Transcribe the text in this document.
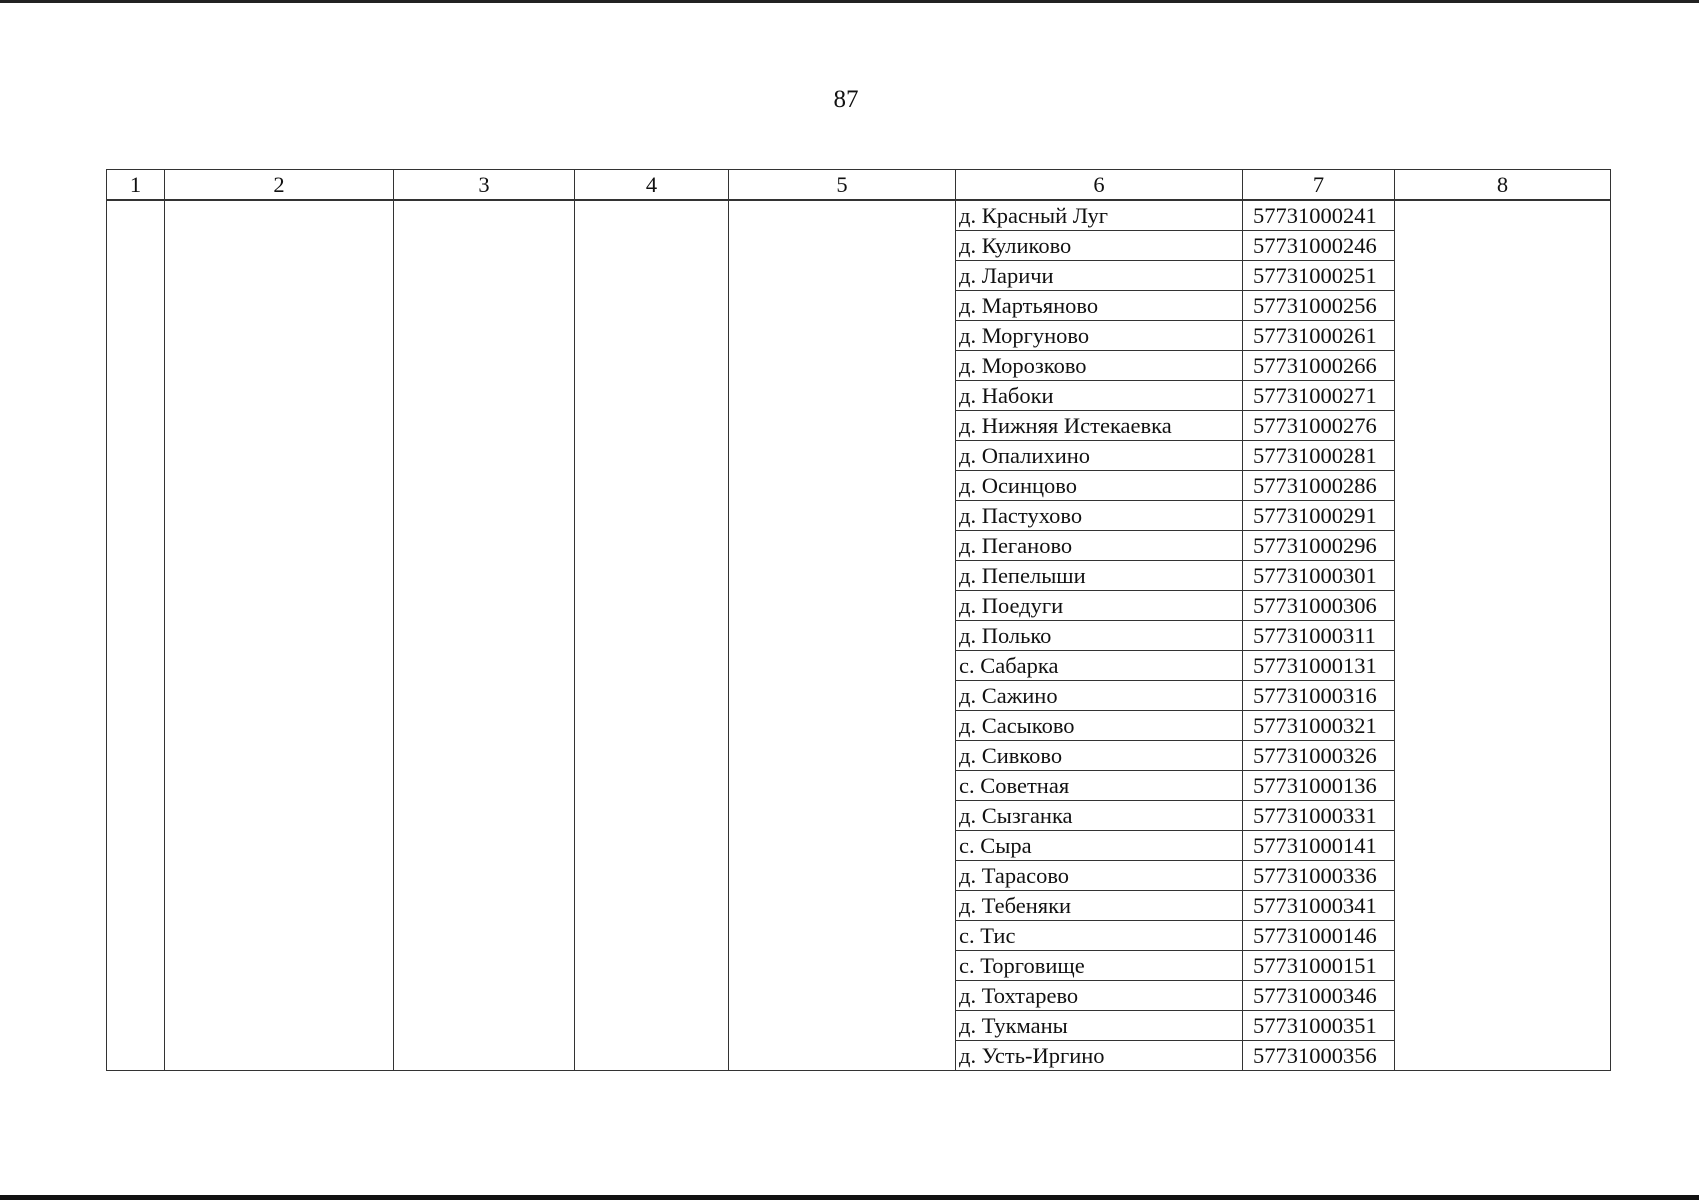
87
1	2	3	4	5	6	7	8
					д. Красный Луг	57731000241	
					д. Куликово	57731000246	
					д. Ларичи	57731000251	
					д. Мартьяново	57731000256	
					д. Моргуново	57731000261	
					д. Морозково	57731000266	
					д. Набоки	57731000271	
					д. Нижняя Истекаевка	57731000276	
					д. Опалихино	57731000281	
					д. Осинцово	57731000286	
					д. Пастухово	57731000291	
					д. Пеганово	57731000296	
					д. Пепелыши	57731000301	
					д. Поедуги	57731000306	
					д. Полько	57731000311	
					с. Сабарка	57731000131	
					д. Сажино	57731000316	
					д. Сасыково	57731000321	
					д. Сивково	57731000326	
					с. Советная	57731000136	
					д. Сызганка	57731000331	
					с. Сыра	57731000141	
					д. Тарасово	57731000336	
					д. Тебеняки	57731000341	
					с. Тис	57731000146	
					с. Торговище	57731000151	
					д. Тохтарево	57731000346	
					д. Тукманы	57731000351	
					д. Усть-Иргино	57731000356	
